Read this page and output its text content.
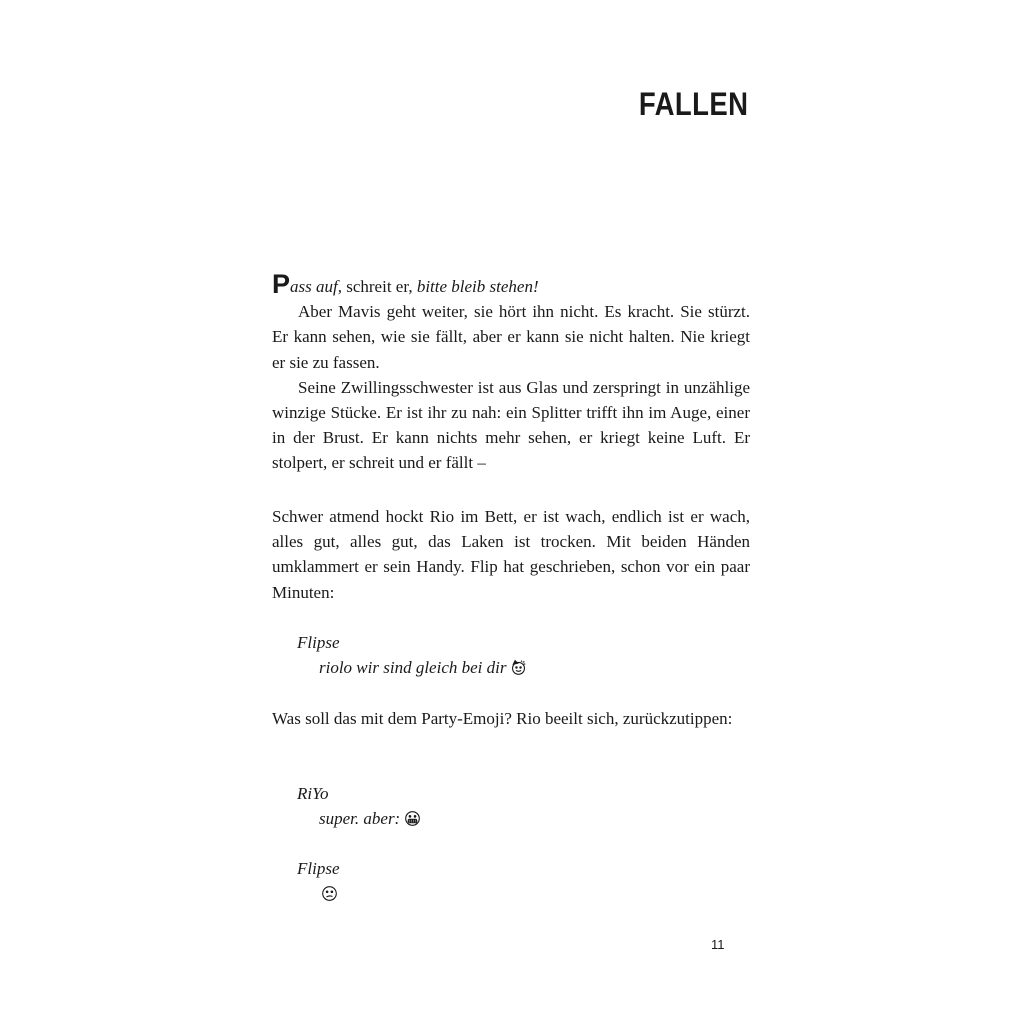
FALLEN

Pass auf, schreit er, bitte bleib stehen!

Aber Mavis geht weiter, sie hört ihn nicht. Es kracht. Sie stürzt. Er kann sehen, wie sie fällt, aber er kann sie nicht halten. Nie kriegt er sie zu fassen.

Seine Zwillingsschwester ist aus Glas und zerspringt in unzählige winzige Stücke. Er ist ihr zu nah: ein Splitter trifft ihn im Auge, einer in der Brust. Er kann nichts mehr sehen, er kriegt keine Luft. Er stolpert, er schreit und er fällt –

Schwer atmend hockt Rio im Bett, er ist wach, endlich ist er wach, alles gut, alles gut, das Laken ist trocken. Mit beiden Händen umklammert er sein Handy. Flip hat geschrieben, schon vor ein paar Minuten:

Flipse
riolo wir sind gleich bei dir

Was soll das mit dem Party-Emoji? Rio beeilt sich, zurückzutippen:

RiYo
super. aber:
Flipse
11
